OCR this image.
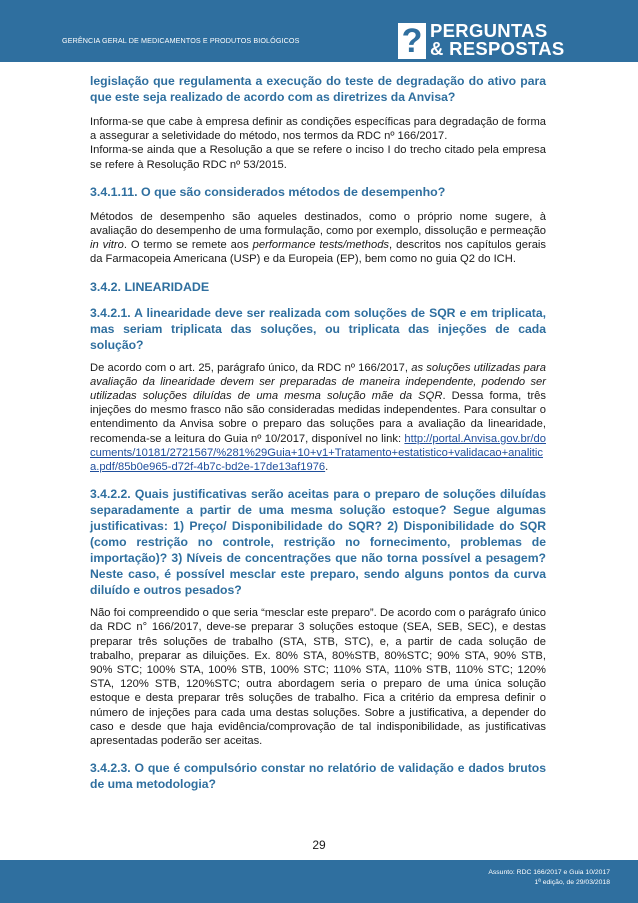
GERÊNCIA GERAL DE MEDICAMENTOS E PRODUTOS BIOLÓGICOS	? PERGUNTAS
& RESPOSTAS

legislação que regulamenta a execução do teste de degradação do ativo para que este seja realizado de acordo com as diretrizes da Anvisa?

Informa-se que cabe à empresa definir as condições específicas para degradação de forma a assegurar a seletividade do método, nos termos da RDC nº 166/2017.

Informa-se ainda que a Resolução a que se refere o inciso I do trecho citado pela empresa se refere à Resolução RDC nº 53/2015.

3.4.1.11. O que são considerados métodos de desempenho?

Métodos de desempenho são aqueles destinados, como o próprio nome sugere, à avaliação do desempenho de uma formulação, como por exemplo, dissolução e permeação in vitro. O termo se remete aos performance tests/methods, descritos nos capítulos gerais da Farmacopeia Americana (USP) e da Europeia (EP), bem como no guia Q2 do ICH.

3.4.2. LINEARIDADE

3.4.2.1. A linearidade deve ser realizada com soluções de SQR e em triplicata, mas seriam triplicata das soluções, ou triplicata das injeções de cada solução?

De acordo com o art. 25, parágrafo único, da RDC nº 166/2017, as soluções utilizadas para avaliação da linearidade devem ser preparadas de maneira independente, podendo ser utilizadas soluções diluídas de uma mesma solução mãe da SQR. Dessa forma, três injeções do mesmo frasco não são consideradas medidas independentes. Para consultar o entendimento da Anvisa sobre o preparo das soluções para a avaliação da linearidade, recomenda-se a leitura do Guia nº 10/2017, disponível no link: http://portal.Anvisa.gov.br/documents/10181/2721567/%281%29Guia+10+v1+Tratamento+estatistico+validacao+analitica.pdf/85b0e965-d72f-4b7c-bd2e-17de13af1976.

3.4.2.2. Quais justificativas serão aceitas para o preparo de soluções diluídas separadamente a partir de uma mesma solução estoque? Segue algumas justificativas: 1) Preço/ Disponibilidade do SQR? 2) Disponibilidade do SQR (como restrição no controle, restrição no fornecimento, problemas de importação)? 3) Níveis de concentrações que não torna possível a pesagem? Neste caso, é possível mesclar este preparo, sendo alguns pontos da curva diluído e outros pesados?

Não foi compreendido o que seria “mesclar este preparo”. De acordo com o parágrafo único da RDC n° 166/2017, deve-se preparar 3 soluções estoque (SEA, SEB, SEC), e destas preparar três soluções de trabalho (STA, STB, STC), e, a partir de cada solução de trabalho, preparar as diluições. Ex. 80% STA, 80%STB, 80%STC; 90% STA, 90% STB, 90% STC; 100% STA, 100% STB, 100% STC; 110% STA, 110% STB, 110% STC; 120% STA, 120% STB, 120%STC; outra abordagem seria o preparo de uma única solução estoque e desta preparar três soluções de trabalho. Fica a critério da empresa definir o número de injeções para cada uma destas soluções. Sobre a justificativa, a depender do caso e desde que haja evidência/comprovação de tal indisponibilidade, as justificativas apresentadas poderão ser aceitas.

3.4.2.3. O que é compulsório constar no relatório de validação e dados brutos de uma metodologia?

29
Assunto: RDC 166/2017 e Guia 10/2017
1ª edição, de 29/03/2018
